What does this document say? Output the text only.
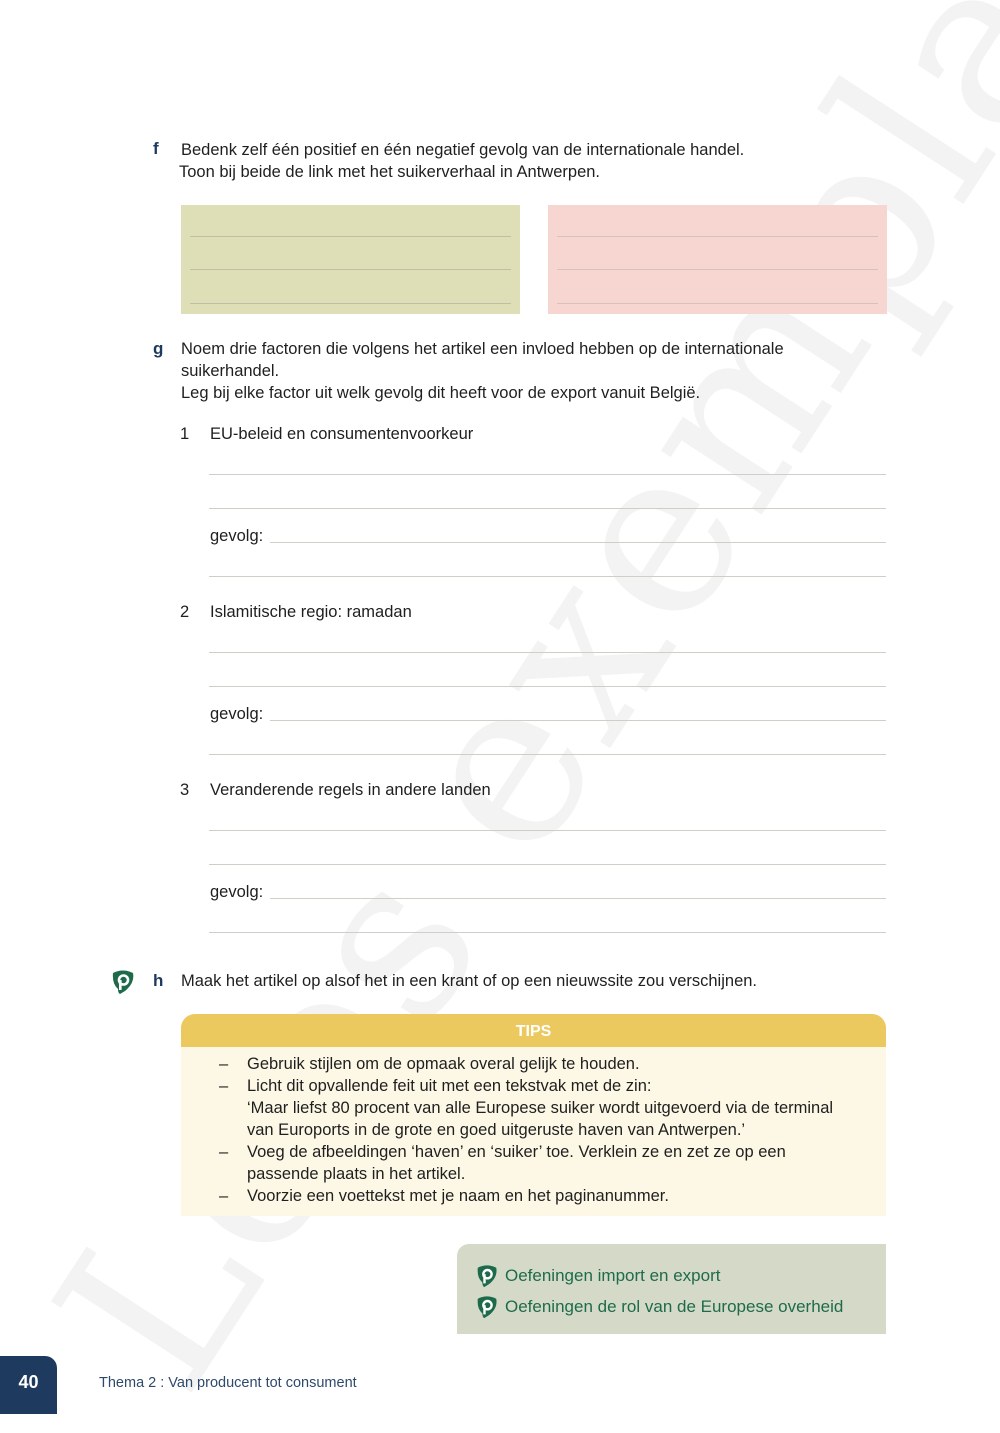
f Bedenk zelf één positief en één negatief gevolg van de internationale handel.
Toon bij beide de link met het suikerverhaal in Antwerpen.
g Noem drie factoren die volgens het artikel een invloed hebben op de internationale
suikerhandel.
Leg bij elke factor uit welk gevolg dit heeft voor de export vanuit België.
1 EU-beleid en consumentenvoorkeur
gevolg:
2 Islamitische regio: ramadan
gevolg:
3 Veranderende regels in andere landen
gevolg:
h Maak het artikel op alsof het in een krant of op een nieuwssite zou verschijnen.
TIPS
– Gebruik stijlen om de opmaak overal gelijk te houden.
– Licht dit opvallende feit uit met een tekstvak met de zin:
‘Maar liefst 80 procent van alle Europese suiker wordt uitgevoerd via de terminal
van Euroports in de grote en goed uitgeruste haven van Antwerpen.’
– Voeg de afbeeldingen ‘haven’ en ‘suiker’ toe. Verklein ze en zet ze op een
passende plaats in het artikel.
– Voorzie een voettekst met je naam en het paginanummer.
Oefeningen import en export
Oefeningen de rol van de Europese overheid
40	Thema 2 : Van producent tot consument
